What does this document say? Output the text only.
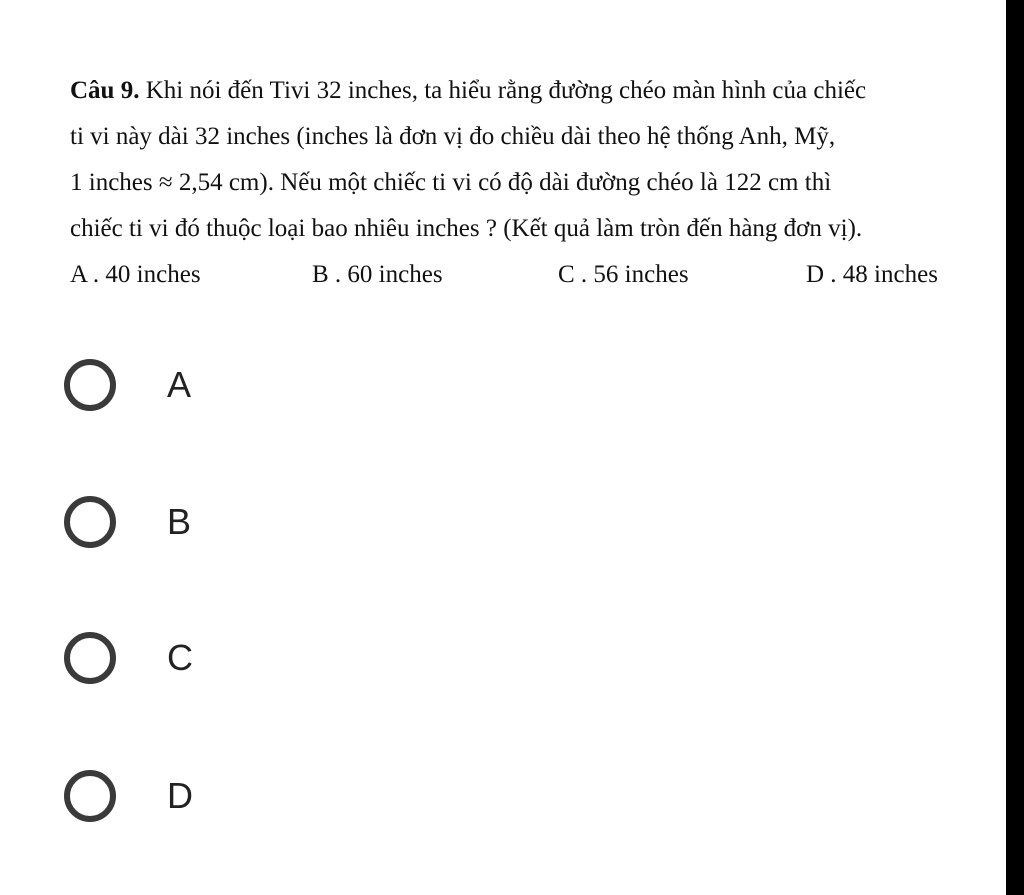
Câu 9. Khi nói đến Tivi 32 inches, ta hiểu rằng đường chéo màn hình của chiếc
ti vi này dài 32 inches (inches là đơn vị đo chiều dài theo hệ thống Anh, Mỹ,
1 inches ≈ 2,54 cm). Nếu một chiếc ti vi có độ dài đường chéo là 122 cm thì
chiếc ti vi đó thuộc loại bao nhiêu inches ? (Kết quả làm tròn đến hàng đơn vị).
A . 40 inches	B . 60 inches	C . 56 inches	D . 48 inches
A
B
C
D
